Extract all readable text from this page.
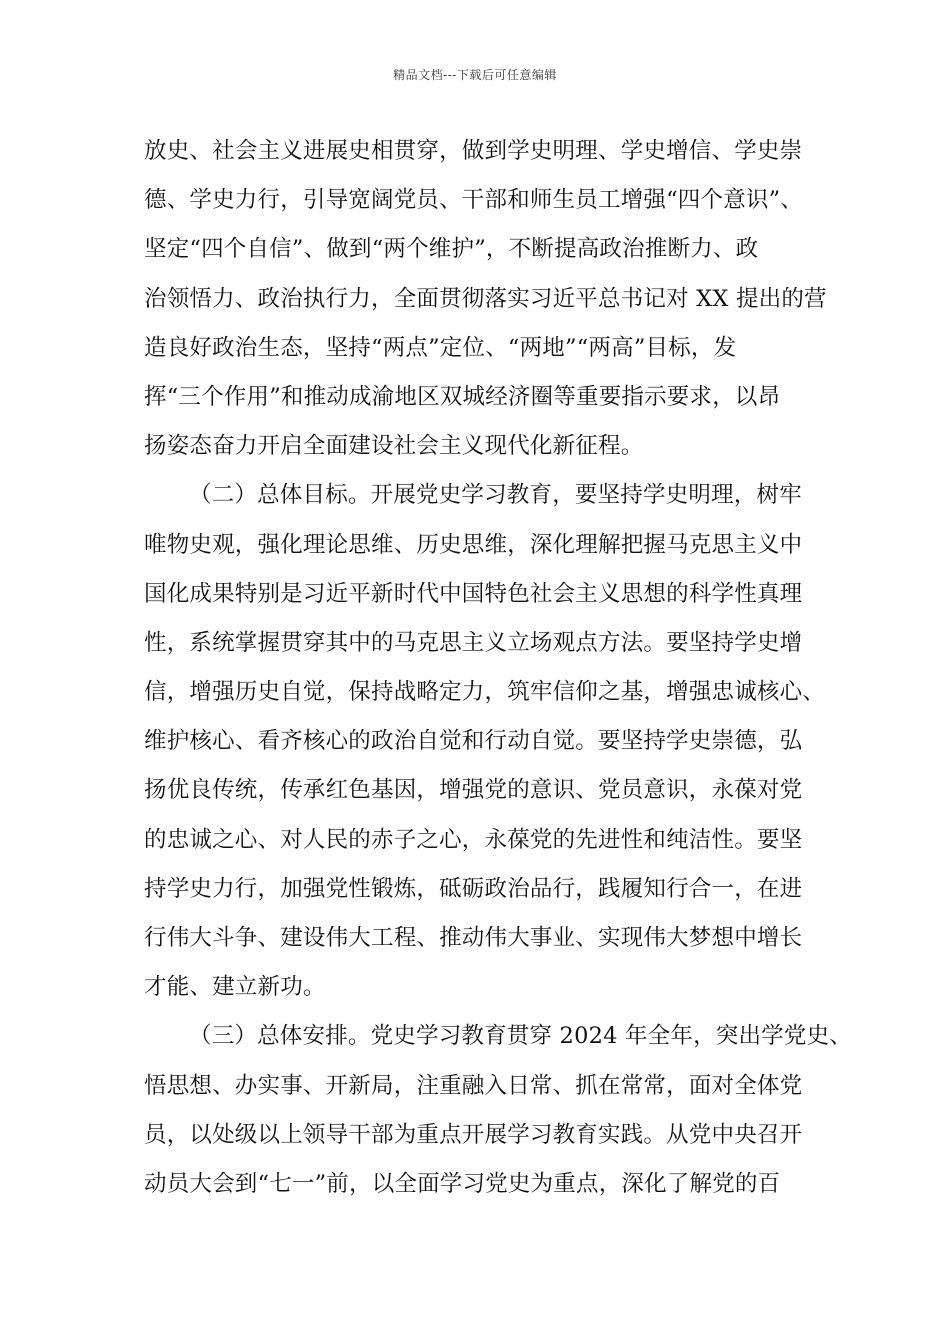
精品文档---下载后可任意编辑
放史、社会主义进展史相贯穿，做到学史明理、学史增信、学史崇
德、学史力行，引导宽阔党员、干部和师生员工增强“四个意识”、
坚定“四个自信”、做到“两个维护”，不断提高政治推断力、政
治领悟力、政治执行力，全面贯彻落实习近平总书记对 XX 提出的营
造良好政治生态，坚持“两点”定位、“两地”“两高”目标，发
挥“三个作用”和推动成渝地区双城经济圈等重要指示要求，以昂
扬姿态奋力开启全面建设社会主义现代化新征程。
（二）总体目标。开展党史学习教育，要坚持学史明理，树牢
唯物史观，强化理论思维、历史思维，深化理解把握马克思主义中
国化成果特别是习近平新时代中国特色社会主义思想的科学性真理
性，系统掌握贯穿其中的马克思主义立场观点方法。要坚持学史增
信，增强历史自觉，保持战略定力，筑牢信仰之基，增强忠诚核心、
维护核心、看齐核心的政治自觉和行动自觉。要坚持学史崇德，弘
扬优良传统，传承红色基因，增强党的意识、党员意识，永葆对党
的忠诚之心、对人民的赤子之心，永葆党的先进性和纯洁性。要坚
持学史力行，加强党性锻炼，砥砺政治品行，践履知行合一，在进
行伟大斗争、建设伟大工程、推动伟大事业、实现伟大梦想中增长
才能、建立新功。
（三）总体安排。党史学习教育贯穿 2024 年全年，突出学党史、
悟思想、办实事、开新局，注重融入日常、抓在常常，面对全体党
员，以处级以上领导干部为重点开展学习教育实践。从党中央召开
动员大会到“七一”前，以全面学习党史为重点，深化了解党的百
